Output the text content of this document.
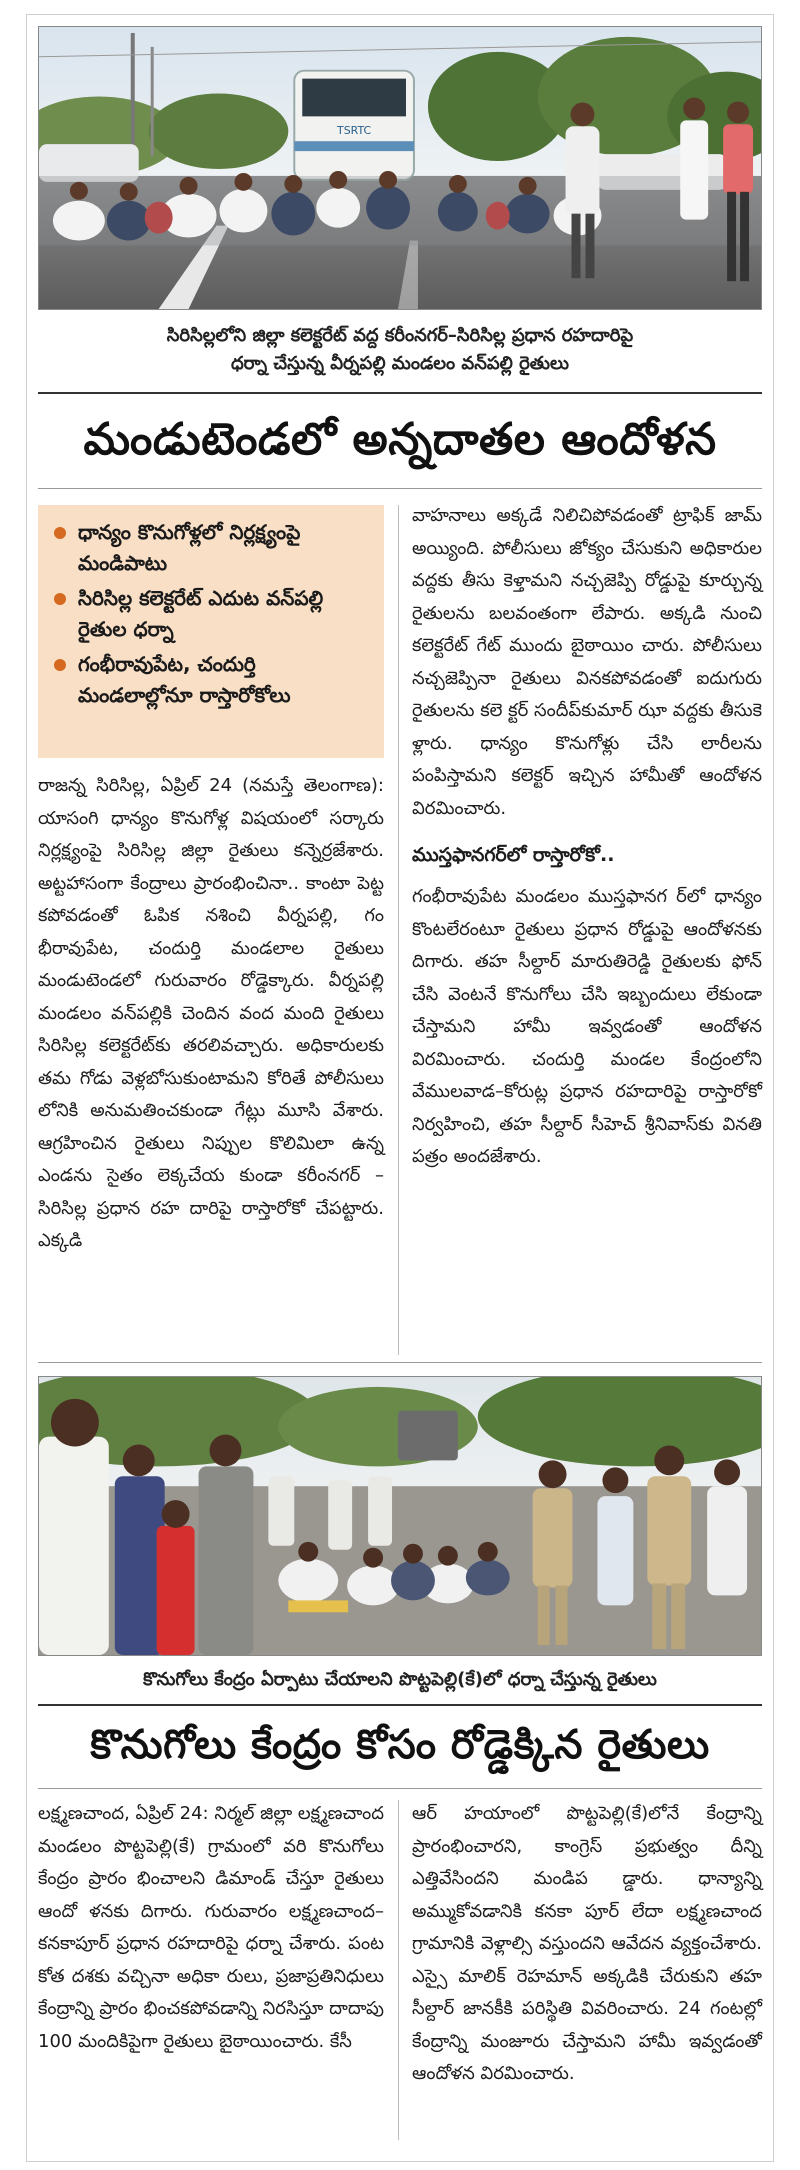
TSRTC
సిరిసిల్లలోని జిల్లా కలెక్టరేట్ వద్ద కరీంనగర్–సిరిసిల్ల ప్రధాన రహదారిపై
ధర్నా చేస్తున్న వీర్నపల్లి మండలం వన్‌పల్లి రైతులు
మండుటెండలో అన్నదాతల ఆందోళన
ధాన్యం కొనుగోళ్లలో నిర్లక్ష్యంపై మండిపాటు
సిరిసిల్ల కలెక్టరేట్ ఎదుట వన్‌పల్లి రైతుల ధర్నా
గంభీరావుపేట, చందుర్తి మండలాల్లోనూ రాస్తారోకోలు

రాజన్న సిరిసిల్ల, ఏప్రిల్ 24 (నమస్తే తెలంగాణ): యాసంగి ధాన్యం కొనుగోళ్ల విషయంలో సర్కారు నిర్లక్ష్యంపై సిరిసిల్ల జిల్లా రైతులు కన్నెర్రజేశారు. అట్టహాసంగా కేంద్రాలు ప్రారంభించినా.. కాంటా పెట్ట కపోవడంతో ఓపిక నశించి వీర్నపల్లి, గం భీరావుపేట, చందుర్తి మండలాల రైతులు మండుటెండలో గురువారం రోడ్డెక్కారు. వీర్నపల్లి మండలం వన్‌పల్లికి చెందిన వంద మంది రైతులు సిరిసిల్ల కలెక్టరేట్‌కు తరలివచ్చారు. అధికారులకు తమ గోడు వెళ్లబోసుకుంటామని కోరితే పోలీసులు లోనికి అనుమతించకుండా గేట్లు మూసి వేశారు. ఆగ్రహించిన రైతులు నిప్పుల కొలిమిలా ఉన్న ఎండను సైతం లెక్కచేయ కుండా కరీంనగర్ – సిరిసిల్ల ప్రధాన రహ దారిపై రాస్తారోకో చేపట్టారు. ఎక్కడి

వాహనాలు అక్కడే నిలిచిపోవడంతో ట్రాఫిక్ జామ్ అయ్యింది. పోలీసులు జోక్యం చేసుకుని అధికారుల వద్దకు తీసు కెళ్తామని నచ్చజెప్పి రోడ్డుపై కూర్చున్న రైతులను బలవంతంగా లేపారు. అక్కడి నుంచి కలెక్టరేట్ గేట్ ముందు బైఠాయిం చారు. పోలీసులు నచ్చజెప్పినా రైతులు వినకపోవడంతో ఐదుగురు రైతులను కలె క్టర్ సందీప్‌కుమార్ ఝా వద్దకు తీసుకె ళ్లారు. ధాన్యం కొనుగోళ్లు చేసి లారీలను పంపిస్తామని కలెక్టర్ ఇచ్చిన హామీతో ఆందోళన విరమించారు.

ముస్తఫానగర్‌లో రాస్తారోకో..

గంభీరావుపేట మండలం ముస్తఫానగ ర్‌లో ధాన్యం కొంటలేరంటూ రైతులు ప్రధాన రోడ్డుపై ఆందోళనకు దిగారు. తహ సీల్దార్ మారుతిరెడ్డి రైతులకు ఫోన్ చేసి వెంటనే కొనుగోలు చేసి ఇబ్బందులు లేకుండా చేస్తామని హామీ ఇవ్వడంతో ఆందోళన విరమించారు. చందుర్తి మండల కేంద్రంలోని వేములవాడ–కోరుట్ల ప్రధాన రహదారిపై రాస్తారోకో నిర్వహించి, తహ సీల్దార్ సీహెచ్ శ్రీనివాస్‌కు వినతి పత్రం అందజేశారు.

కొనుగోలు కేంద్రం ఏర్పాటు చేయాలని పొట్టపెల్లి(కే)లో ధర్నా చేస్తున్న రైతులు
కొనుగోలు కేంద్రం కోసం రోడ్డెక్కిన రైతులు

లక్ష్మణచాంద, ఏప్రిల్ 24: నిర్మల్ జిల్లా లక్ష్మణచాంద మండలం పొట్టపెల్లి(కే) గ్రామంలో వరి కొనుగోలు కేంద్రం ప్రారం భించాలని డిమాండ్ చేస్తూ రైతులు ఆందో ళనకు దిగారు. గురువారం లక్ష్మణచాంద– కనకాపూర్ ప్రధాన రహదారిపై ధర్నా చేశారు. పంట కోత దశకు వచ్చినా అధికా రులు, ప్రజాప్రతినిధులు కేంద్రాన్ని ప్రారం భించకపోవడాన్ని నిరసిస్తూ దాదాపు 100 మందికిపైగా రైతులు బైఠాయించారు. కేసీ

ఆర్ హయాంలో పొట్టపెల్లి(కే)లోనే కేంద్రాన్ని ప్రారంభించారని, కాంగ్రెస్ ప్రభుత్వం దీన్ని ఎత్తివేసిందని మండిప డ్డారు. ధాన్యాన్ని అమ్ముకోవడానికి కనకా పూర్ లేదా లక్ష్మణచాంద గ్రామానికి వెళ్లాల్సి వస్తుందని ఆవేదన వ్యక్తంచేశారు. ఎస్సై మాలిక్ రెహమాన్ అక్కడికి చేరుకుని తహ సీల్దార్ జానకీకి పరిస్థితి వివరించారు. 24 గంటల్లో కేంద్రాన్ని మంజూరు చేస్తామని హామీ ఇవ్వడంతో ఆందోళన విరమించారు.
